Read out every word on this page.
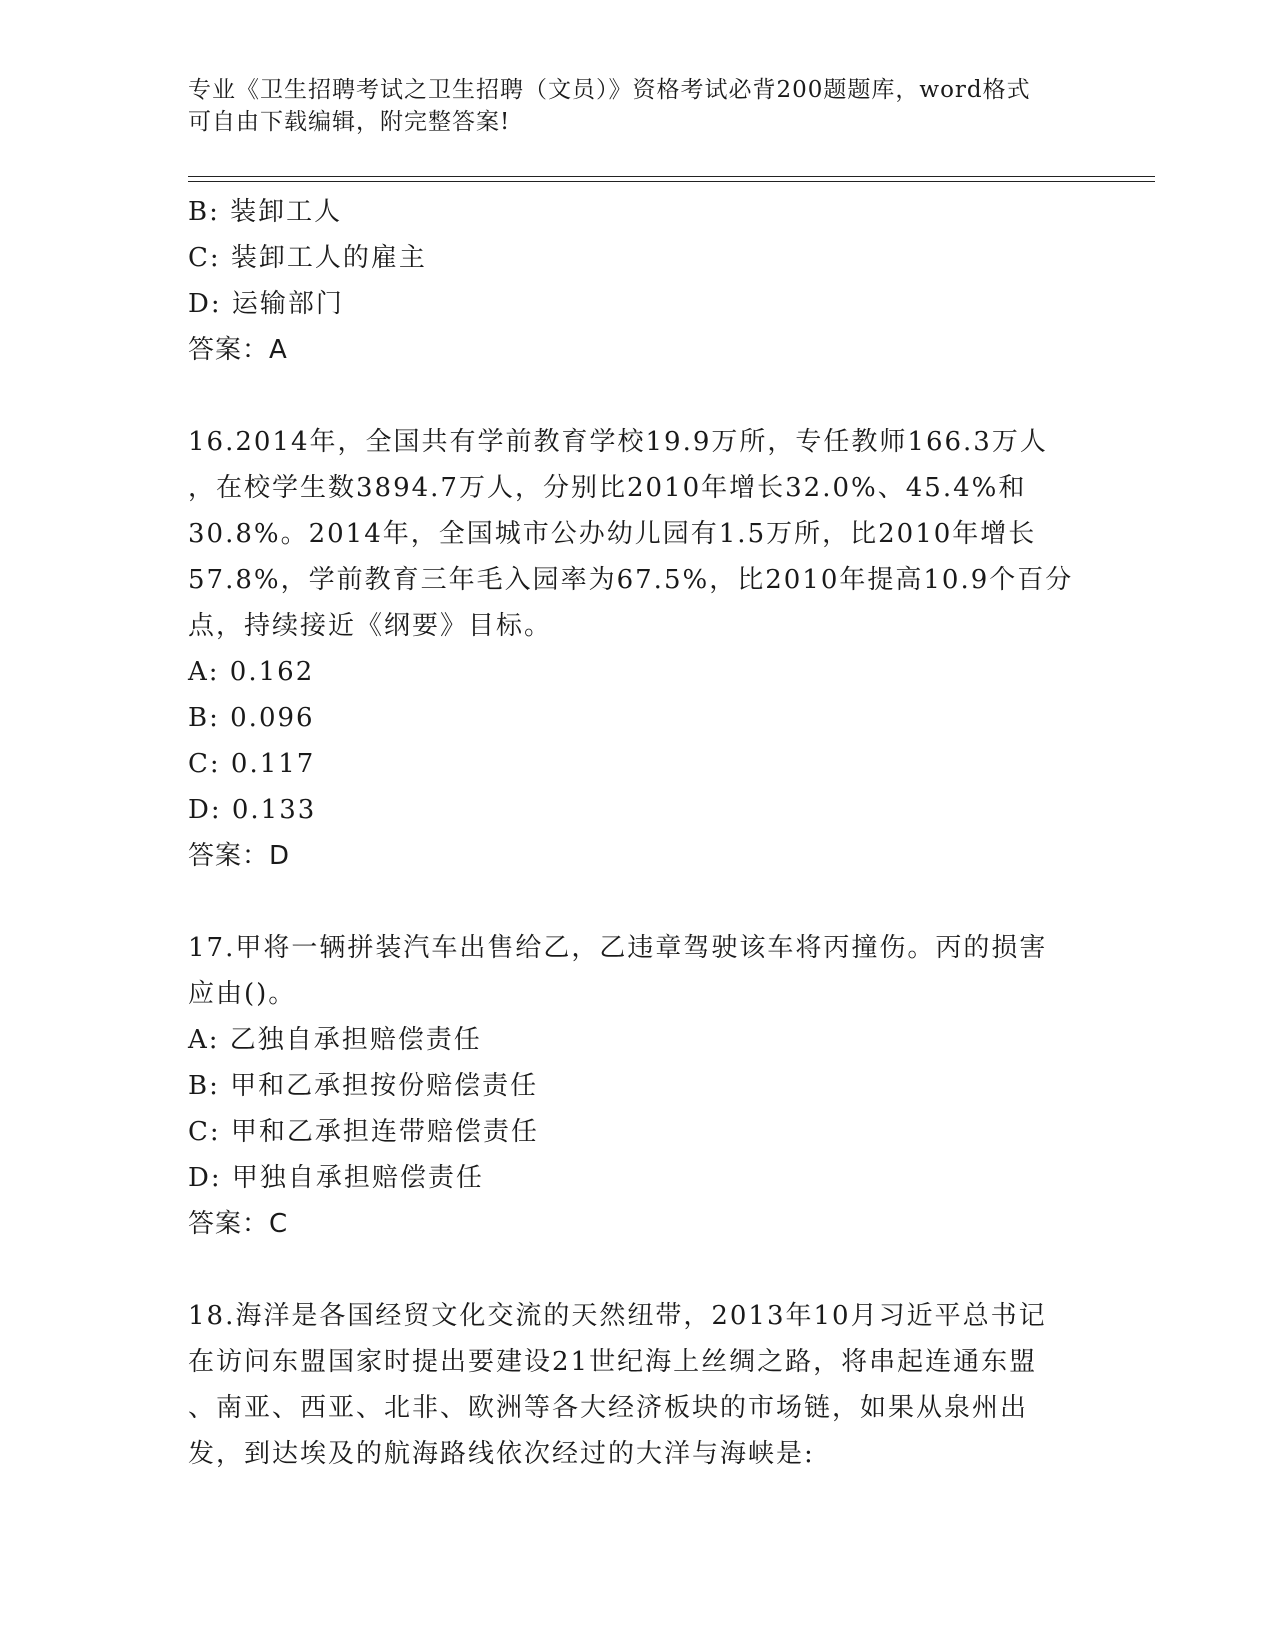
专业《卫生招聘考试之卫生招聘（文员）》资格考试必背200题题库，word格式
可自由下载编辑，附完整答案!
B: 装卸工人
C: 装卸工人的雇主
D: 运输部门
答案：A
16.2014年，全国共有学前教育学校19.9万所，专任教师166.3万人
，在校学生数3894.7万人，分别比2010年增长32.0%、45.4%和
30.8%。2014年，全国城市公办幼儿园有1.5万所，比2010年增长
57.8%，学前教育三年毛入园率为67.5%，比2010年提高10.9个百分
点，持续接近《纲要》目标。
A: 0.162
B: 0.096
C: 0.117
D: 0.133
答案：D
17.甲将一辆拼装汽车出售给乙，乙违章驾驶该车将丙撞伤。丙的损害
应由()。
A: 乙独自承担赔偿责任
B: 甲和乙承担按份赔偿责任
C: 甲和乙承担连带赔偿责任
D: 甲独自承担赔偿责任
答案：C
18.海洋是各国经贸文化交流的天然纽带，2013年10月习近平总书记
在访问东盟国家时提出要建设21世纪海上丝绸之路，将串起连通东盟
、南亚、西亚、北非、欧洲等各大经济板块的市场链，如果从泉州出
发，到达埃及的航海路线依次经过的大洋与海峡是:
